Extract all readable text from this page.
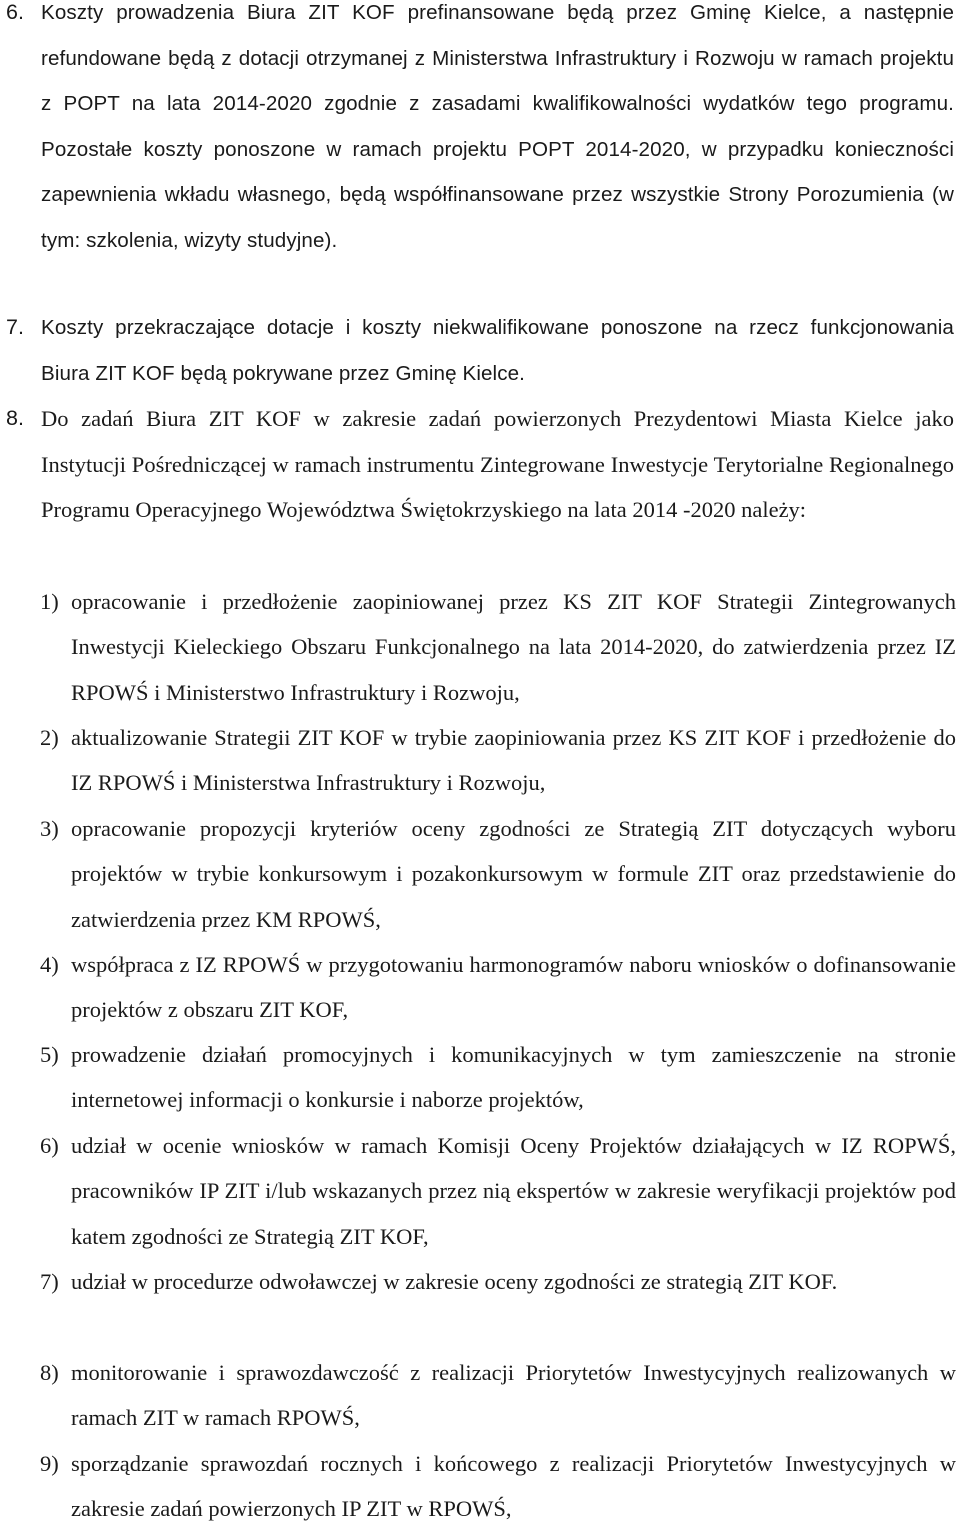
6. Koszty prowadzenia Biura ZIT KOF prefinansowane będą przez Gminę Kielce, a następnie refundowane będą z dotacji otrzymanej z Ministerstwa Infrastruktury i Rozwoju w ramach projektu z POPT na lata 2014-2020 zgodnie z zasadami kwalifikowalności wydatków tego programu. Pozostałe koszty ponoszone w ramach projektu POPT 2014-2020, w przypadku konieczności zapewnienia wkładu własnego, będą współfinansowane przez wszystkie Strony Porozumienia (w tym: szkolenia, wizyty studyjne).
7. Koszty przekraczające dotacje i koszty niekwalifikowane ponoszone na rzecz funkcjonowania Biura ZIT KOF będą pokrywane przez Gminę Kielce.
8. Do zadań Biura ZIT KOF w zakresie zadań powierzonych Prezydentowi Miasta Kielce jako Instytucji Pośredniczącej w ramach instrumentu Zintegrowane Inwestycje Terytorialne Regionalnego Programu Operacyjnego Województwa Świętokrzyskiego na lata 2014 -2020 należy:
1) opracowanie i przedłożenie zaopiniowanej przez KS ZIT KOF Strategii Zintegrowanych Inwestycji Kieleckiego Obszaru Funkcjonalnego na lata 2014-2020, do zatwierdzenia przez IZ RPOWŚ i Ministerstwo Infrastruktury i Rozwoju,
2) aktualizowanie Strategii ZIT KOF w trybie zaopiniowania przez KS ZIT KOF i przedłożenie do IZ RPOWŚ i Ministerstwa Infrastruktury i Rozwoju,
3) opracowanie propozycji kryteriów oceny zgodności ze Strategią ZIT dotyczących wyboru projektów w trybie konkursowym i pozakonkursowym w formule ZIT oraz przedstawienie do zatwierdzenia przez KM RPOWŚ,
4) współpraca z IZ RPOWŚ w przygotowaniu harmonogramów naboru wniosków o dofinansowanie projektów z obszaru ZIT KOF,
5) prowadzenie działań promocyjnych i komunikacyjnych w tym zamieszczenie na stronie internetowej informacji o konkursie i naborze projektów,
6) udział w ocenie wniosków w ramach Komisji Oceny Projektów działających w IZ ROPWŚ, pracowników IP ZIT i/lub wskazanych przez nią ekspertów w zakresie weryfikacji projektów pod katem zgodności ze Strategią ZIT KOF,
7) udział w procedurze odwoławczej w zakresie oceny zgodności ze strategią ZIT KOF.
8) monitorowanie i sprawozdawczość z realizacji Priorytetów Inwestycyjnych realizowanych w ramach ZIT w ramach RPOWŚ,
9) sporządzanie sprawozdań rocznych i końcowego z realizacji Priorytetów Inwestycyjnych w zakresie zadań powierzonych IP ZIT w RPOWŚ,
